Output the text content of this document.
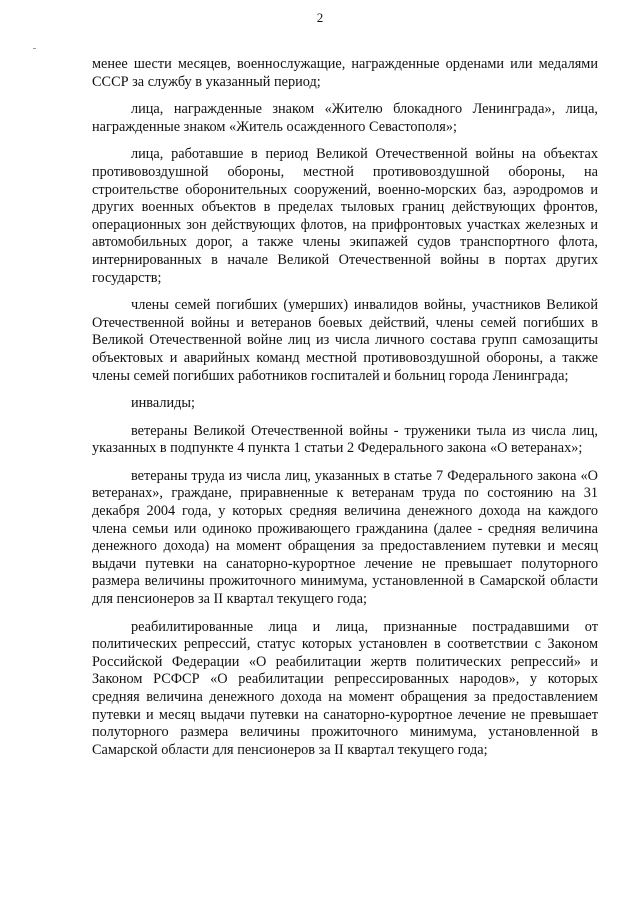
2

менее шести месяцев, военнослужащие, награжденные орденами или медалями СССР за службу в указанный период;

лица, награжденные знаком «Жителю блокадного Ленинграда», лица, награжденные знаком «Житель осажденного Севастополя»;

лица, работавшие в период Великой Отечественной войны на объектах противовоздушной обороны, местной противовоздушной обороны, на строительстве оборонительных сооружений, военно-морских баз, аэродромов и других военных объектов в пределах тыловых границ действующих фронтов, операционных зон действующих флотов, на прифронтовых участках железных и автомобильных дорог, а также члены экипажей судов транспортного флота, интернированных в начале Великой Отечественной войны в портах других государств;

члены семей погибших (умерших) инвалидов войны, участников Великой Отечественной войны и ветеранов боевых действий, члены семей погибших в Великой Отечественной войне лиц из числа личного состава групп самозащиты объектовых и аварийных команд местной противовоздушной обороны, а также члены семей погибших работников госпиталей и больниц города Ленинграда;

инвалиды;

ветераны Великой Отечественной войны - труженики тыла из числа лиц, указанных в подпункте 4 пункта 1 статьи 2 Федерального закона «О ветеранах»;

ветераны труда из числа лиц, указанных в статье 7 Федерального закона «О ветеранах», граждане, приравненные к ветеранам труда по состоянию на 31 декабря 2004 года, у которых средняя величина денежного дохода на каждого члена семьи или одиноко проживающего гражданина (далее - средняя величина денежного дохода) на момент обращения за предоставлением путевки и месяц выдачи путевки на санаторно-курортное лечение не превышает полуторного размера величины прожиточного минимума, установленной в Самарской области для пенсионеров за II квартал текущего года;

реабилитированные лица и лица, признанные пострадавшими от политических репрессий, статус которых установлен в соответствии с Законом Российской Федерации «О реабилитации жертв политических репрессий» и Законом РСФСР «О реабилитации репрессированных народов», у которых средняя величина денежного дохода на момент обращения за предоставлением путевки и месяц выдачи путевки на санаторно-курортное лечение не превышает полуторного размера величины прожиточного минимума, установленной в Самарской области для пенсионеров за II квартал текущего года;
